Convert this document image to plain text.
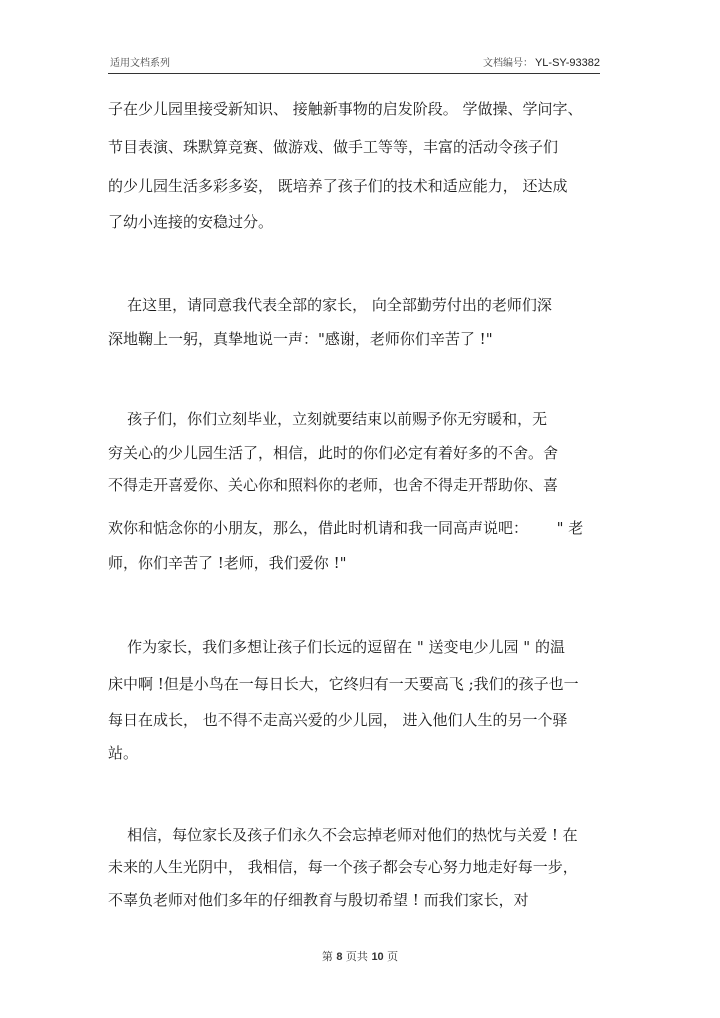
适用文档系列	文档编号： YL-SY-93382
子在少儿园里接受新知识、 接触新事物的启发阶段。 学做操、学问字、
节目表演、珠默算竞赛、做游戏、做手工等等，丰富的活动令孩子们
的少儿园生活多彩多姿， 既培养了孩子们的技术和适应能力， 还达成
了幼小连接的安稳过分。
在这里，请同意我代表全部的家长， 向全部勤劳付出的老师们深
深地鞠上一躬，真挚地说一声："感谢，老师你们辛苦了 !"
孩子们，你们立刻毕业，立刻就要结束以前赐予你无穷暖和，无
穷关心的少儿园生活了，相信，此时的你们必定有着好多的不舍。舍
不得走开喜爱你、关心你和照料你的老师，也舍不得走开帮助你、喜
欢你和惦念你的小朋友，那么，借此时机请和我一同高声说吧：      " 老
师，你们辛苦了 !老师，我们爱你 !"
作为家长，我们多想让孩子们长远的逗留在 " 送变电少儿园 " 的温
床中啊 !但是小鸟在一每日长大，它终归有一天要高飞 ;我们的孩子也一
每日在成长， 也不得不走高兴爱的少儿园， 进入他们人生的另一个驿
站。
相信，每位家长及孩子们永久不会忘掉老师对他们的热忱与关爱 ! 在
未来的人生光阴中， 我相信，每一个孩子都会专心努力地走好每一步，
不辜负老师对他们多年的仔细教育与殷切希望 ! 而我们家长，对
第 8 页共 10 页
